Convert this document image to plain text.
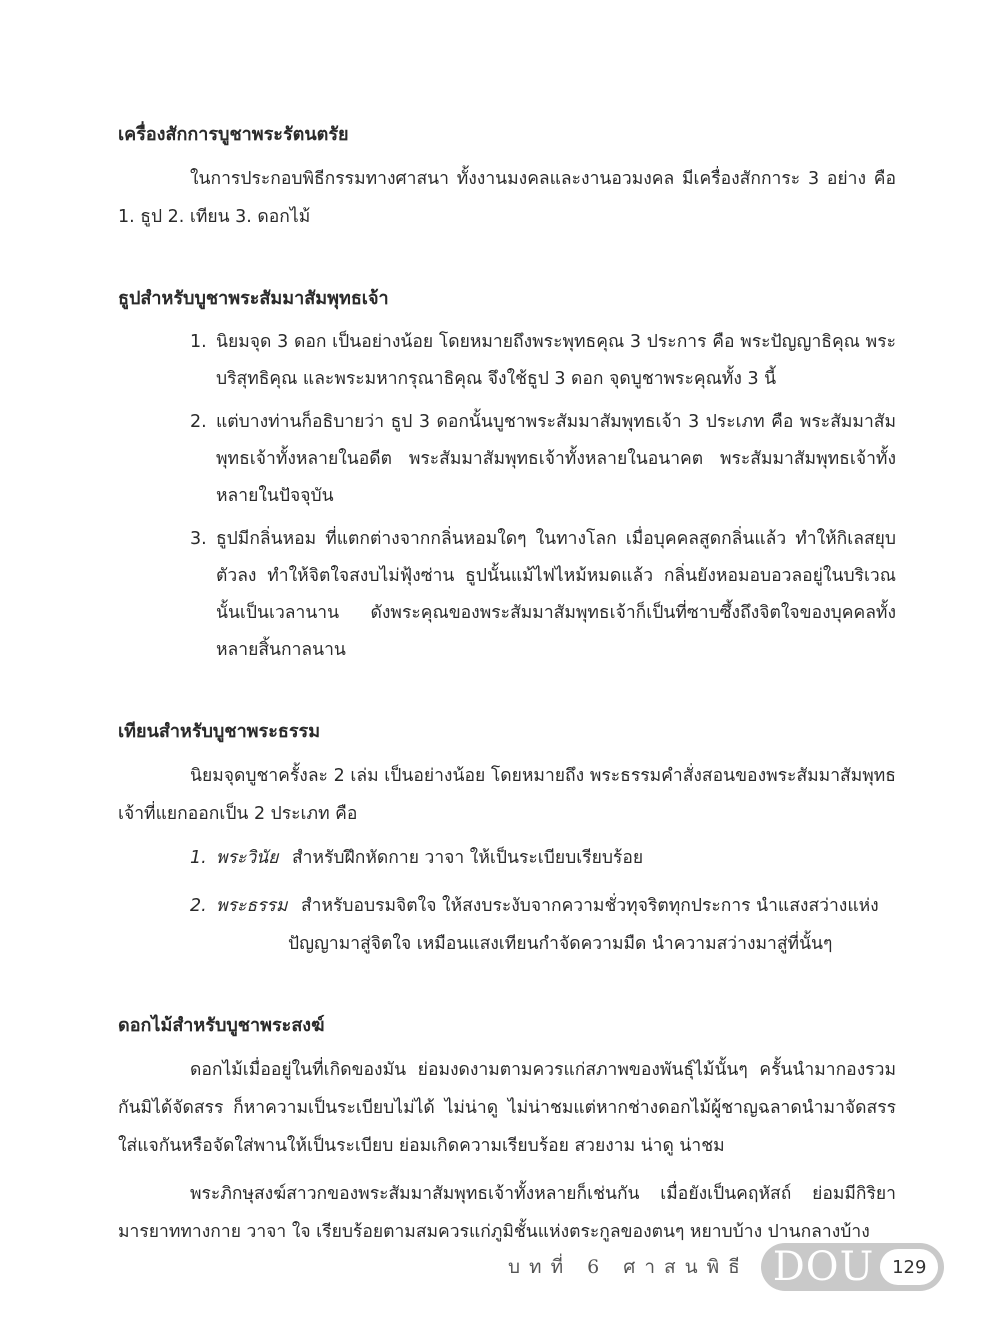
เครื่องสักการบูชาพระรัตนตรัย

ในการประกอบพิธีกรรมทางศาสนา ทั้งงานมงคลและงานอวมงคล มีเครื่องสักการะ 3 อย่าง คือ 1. ธูป 2. เทียน 3. ดอกไม้

ธูปสำหรับบูชาพระสัมมาสัมพุทธเจ้า
1. นิยมจุด 3 ดอก เป็นอย่างน้อย โดยหมายถึงพระพุทธคุณ 3 ประการ คือ พระปัญญาธิคุณ พระบริสุทธิคุณ และพระมหากรุณาธิคุณ จึงใช้ธูป 3 ดอก จุดบูชาพระคุณทั้ง 3 นี้
2. แต่บางท่านก็อธิบายว่า ธูป 3 ดอกนั้นบูชาพระสัมมาสัมพุทธเจ้า 3 ประเภท คือ พระสัมมาสัมพุทธเจ้าทั้งหลายในอดีต พระสัมมาสัมพุทธเจ้าทั้งหลายในอนาคต พระสัมมาสัมพุทธเจ้าทั้งหลายในปัจจุบัน
3. ธูปมีกลิ่นหอม ที่แตกต่างจากกลิ่นหอมใดๆ ในทางโลก เมื่อบุคคลสูดกลิ่นแล้ว ทำให้กิเลสยุบตัวลง ทำให้จิตใจสงบไม่ฟุ้งซ่าน ธูปนั้นแม้ไฟไหม้หมดแล้ว กลิ่นยังหอมอบอวลอยู่ในบริเวณนั้นเป็นเวลานาน ดังพระคุณของพระสัมมาสัมพุทธเจ้าก็เป็นที่ซาบซึ้งถึงจิตใจของบุคคลทั้งหลายสิ้นกาลนาน
เทียนสำหรับบูชาพระธรรม

นิยมจุดบูชาครั้งละ 2 เล่ม เป็นอย่างน้อย โดยหมายถึง พระธรรมคำสั่งสอนของพระสัมมาสัมพุทธเจ้าที่แยกออกเป็น 2 ประเภท คือ

1. พระวินัย สำหรับฝึกหัดกาย วาจา ให้เป็นระเบียบเรียบร้อย
2. พระธรรม สำหรับอบรมจิตใจ ให้สงบระงับจากความชั่วทุจริตทุกประการ นำแสงสว่างแห่ง
ปัญญามาสู่จิตใจ เหมือนแสงเทียนกำจัดความมืด นำความสว่างมาสู่ที่นั้นๆ
ดอกไม้สำหรับบูชาพระสงฆ์

ดอกไม้เมื่ออยู่ในที่เกิดของมัน ย่อมงดงามตามควรแก่สภาพของพันธุ์ไม้นั้นๆ ครั้นนำมากองรวมกันมิได้จัดสรร ก็หาความเป็นระเบียบไม่ได้ ไม่น่าดู ไม่น่าชมแต่หากช่างดอกไม้ผู้ชาญฉลาดนำมาจัดสรรใส่แจกันหรือจัดใส่พานให้เป็นระเบียบ ย่อมเกิดความเรียบร้อย สวยงาม น่าดู น่าชม

พระภิกษุสงฆ์สาวกของพระสัมมาสัมพุทธเจ้าทั้งหลายก็เช่นกัน เมื่อยังเป็นคฤหัสถ์ ย่อมมีกิริยามารยาททางกาย วาจา ใจ เรียบร้อยตามสมควรแก่ภูมิชั้นแห่งตระกูลของตนๆ หยาบบ้าง ปานกลางบ้าง

บทที่ 6 ศาสนพิธี DOU 129
